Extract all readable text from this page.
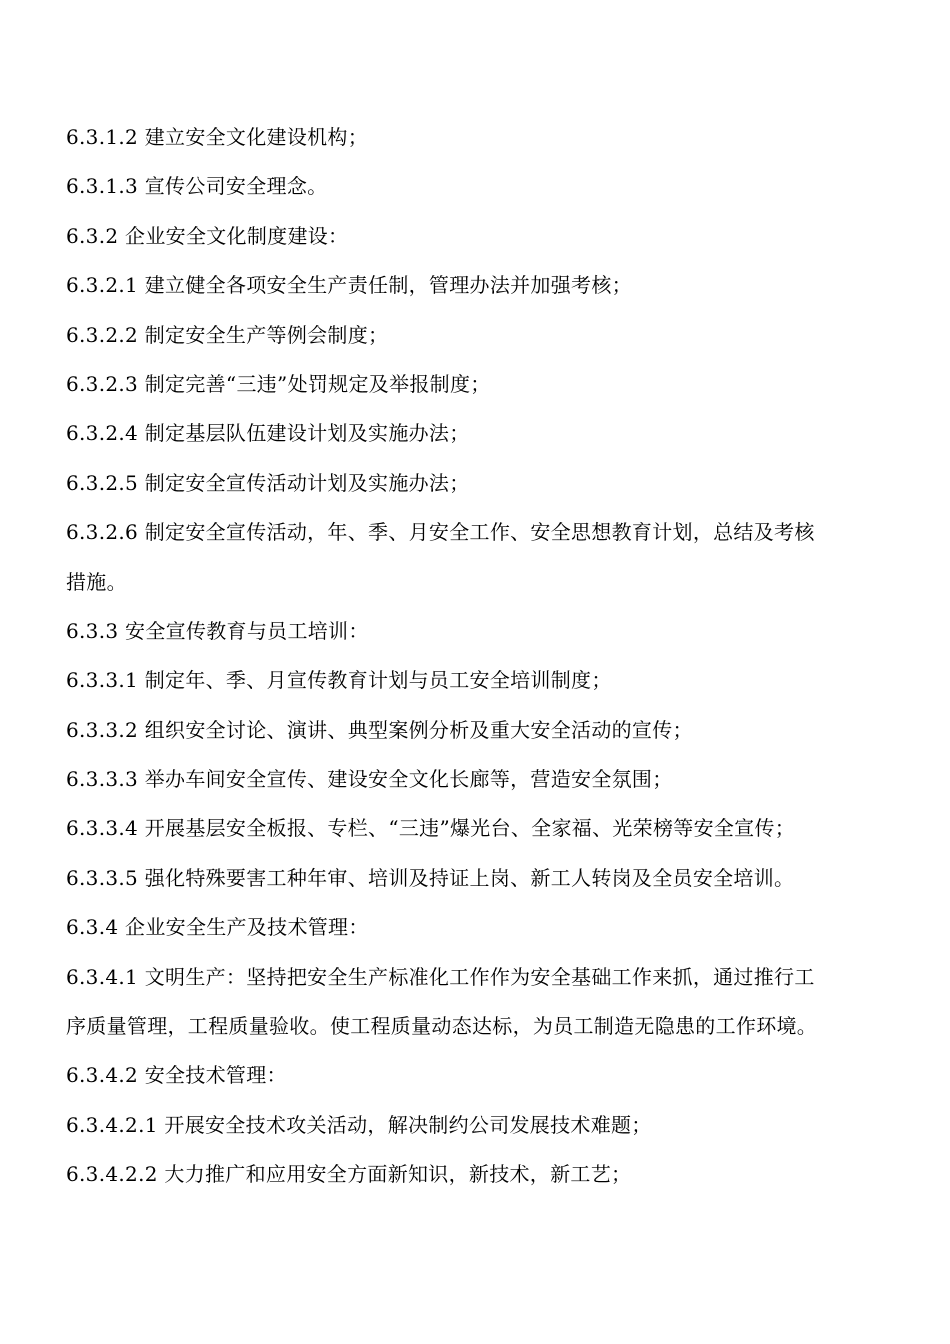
6.3.1.2 建立安全文化建设机构；
6.3.1.3 宣传公司安全理念。
6.3.2 企业安全文化制度建设：
6.3.2.1 建立健全各项安全生产责任制，管理办法并加强考核；
6.3.2.2 制定安全生产等例会制度；
6.3.2.3 制定完善“三违”处罚规定及举报制度；
6.3.2.4 制定基层队伍建设计划及实施办法；
6.3.2.5 制定安全宣传活动计划及实施办法；
6.3.2.6 制定安全宣传活动，年、季、月安全工作、安全思想教育计划，总结及考核
措施。
6.3.3 安全宣传教育与员工培训：
6.3.3.1 制定年、季、月宣传教育计划与员工安全培训制度；
6.3.3.2 组织安全讨论、演讲、典型案例分析及重大安全活动的宣传；
6.3.3.3 举办车间安全宣传、建设安全文化长廊等，营造安全氛围；
6.3.3.4 开展基层安全板报、专栏、“三违”爆光台、全家福、光荣榜等安全宣传；
6.3.3.5 强化特殊要害工种年审、培训及持证上岗、新工人转岗及全员安全培训。
6.3.4 企业安全生产及技术管理：
6.3.4.1 文明生产：坚持把安全生产标准化工作作为安全基础工作来抓，通过推行工
序质量管理，工程质量验收。使工程质量动态达标，为员工制造无隐患的工作环境。
6.3.4.2 安全技术管理：
6.3.4.2.1 开展安全技术攻关活动，解决制约公司发展技术难题；
6.3.4.2.2 大力推广和应用安全方面新知识，新技术，新工艺；
